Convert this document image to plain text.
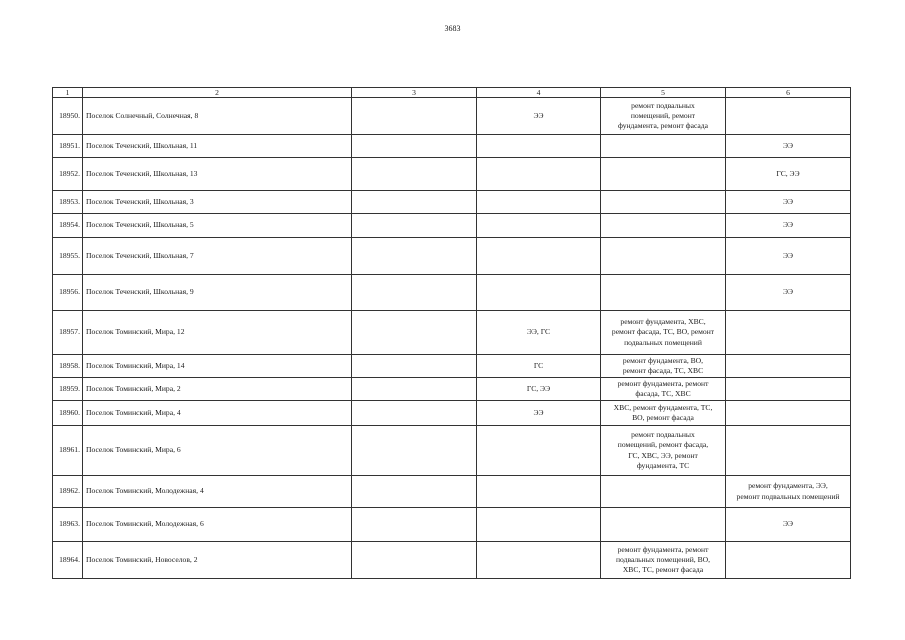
3683
1	2	3	4	5	6
18950.	Поселок Солнечный, Солнечная, 8		ЭЭ	ремонт подвальных
помещений, ремонт
фундамента, ремонт фасада	
18951.	Поселок Теченский, Школьная, 11				ЭЭ
18952.	Поселок Теченский, Школьная, 13				ГС, ЭЭ
18953.	Поселок Теченский, Школьная, 3				ЭЭ
18954.	Поселок Теченский, Школьная, 5				ЭЭ
18955.	Поселок Теченский, Школьная, 7				ЭЭ
18956.	Поселок Теченский, Школьная, 9				ЭЭ
18957.	Поселок Томинский, Мира, 12		ЭЭ, ГС	ремонт фундамента, ХВС,
ремонт фасада, ТС, ВО, ремонт
подвальных помещений	
18958.	Поселок Томинский, Мира, 14		ГС	ремонт фундамента, ВО,
ремонт фасада, ТС, ХВС	
18959.	Поселок Томинский, Мира, 2		ГС, ЭЭ	ремонт фундамента, ремонт
фасада, ТС, ХВС	
18960.	Поселок Томинский, Мира, 4		ЭЭ	ХВС, ремонт фундамента, ТС,
ВО, ремонт фасада	
18961.	Поселок Томинский, Мира, 6			ремонт подвальных
помещений, ремонт фасада,
ГС, ХВС, ЭЭ, ремонт
фундамента, ТС	
18962.	Поселок Томинский, Молодежная, 4				ремонт фундамента, ЭЭ,
ремонт подвальных помещений
18963.	Поселок Томинский, Молодежная, 6				ЭЭ
18964.	Поселок Томинский, Новоселов, 2			ремонт фундамента, ремонт
подвальных помещений, ВО,
ХВС, ТС, ремонт фасада	
